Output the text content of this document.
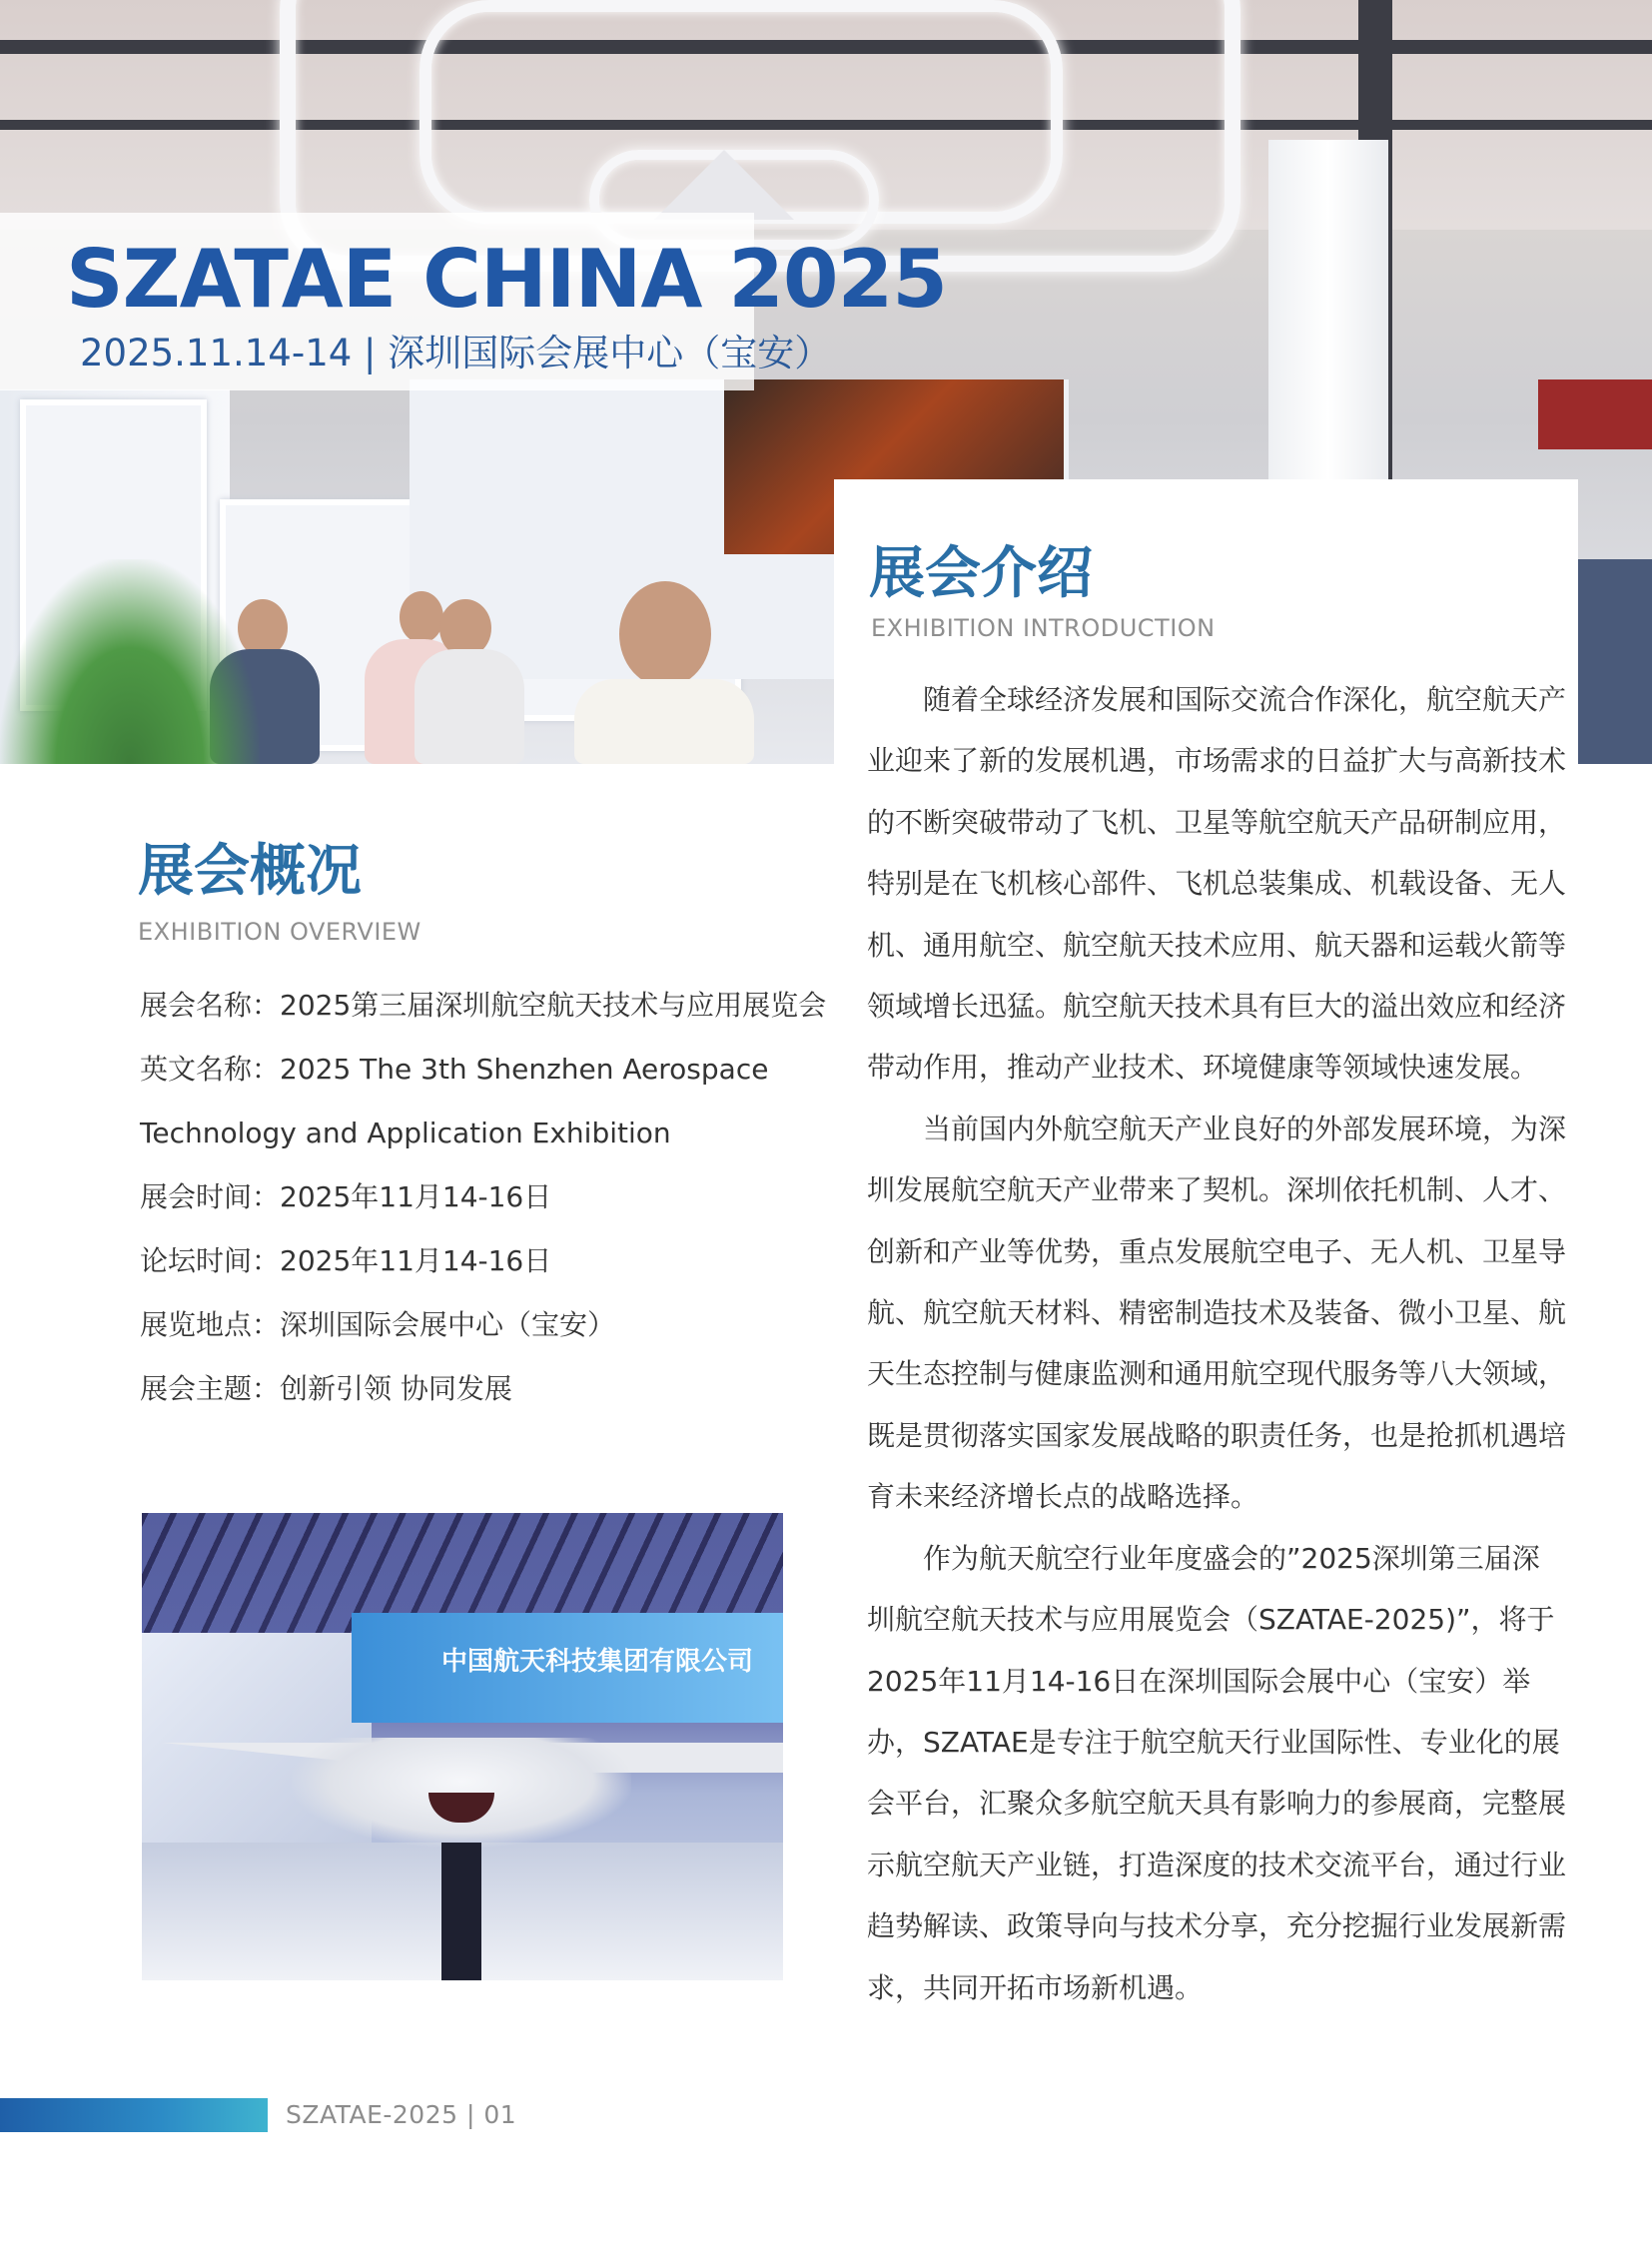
SZATAE CHINA 2025
2025.11.14-14 | 深圳国际会展中心（宝安）
展会介绍
EXHIBITION INTRODUCTION

随着全球经济发展和国际交流合作深化，航空航天产业迎来了新的发展机遇，市场需求的日益扩大与高新技术的不断突破带动了飞机、卫星等航空航天产品研制应用，特别是在飞机核心部件、飞机总装集成、机载设备、无人机、通用航空、航空航天技术应用、航天器和运载火箭等领域增长迅猛。航空航天技术具有巨大的溢出效应和经济带动作用，推动产业技术、环境健康等领域快速发展。

当前国内外航空航天产业良好的外部发展环境，为深圳发展航空航天产业带来了契机。深圳依托机制、人才、创新和产业等优势，重点发展航空电子、无人机、卫星导航、航空航天材料、精密制造技术及装备、微小卫星、航天生态控制与健康监测和通用航空现代服务等八大领域，既是贯彻落实国家发展战略的职责任务，也是抢抓机遇培育未来经济增长点的战略选择。

作为航天航空行业年度盛会的”2025深圳第三届深圳航空航天技术与应用展览会（SZATAE-2025)”，将于2025年11月14-16日在深圳国际会展中心（宝安）举办，SZATAE是专注于航空航天行业国际性、专业化的展会平台，汇聚众多航空航天具有影响力的参展商，完整展示航空航天产业链，打造深度的技术交流平台，通过行业趋势解读、政策导向与技术分享，充分挖掘行业发展新需求，共同开拓市场新机遇。

展会概况
EXHIBITION OVERVIEW
展会名称：2025第三届深圳航空航天技术与应用展览会
英文名称：2025 The 3th Shenzhen Aerospace Technology and Application Exhibition
展会时间：2025年11月14-16日
论坛时间：2025年11月14-16日
展览地点：深圳国际会展中心（宝安）
展会主题：创新引领 协同发展
中国航天科技集团有限公司
SZATAE-2025 | 01
